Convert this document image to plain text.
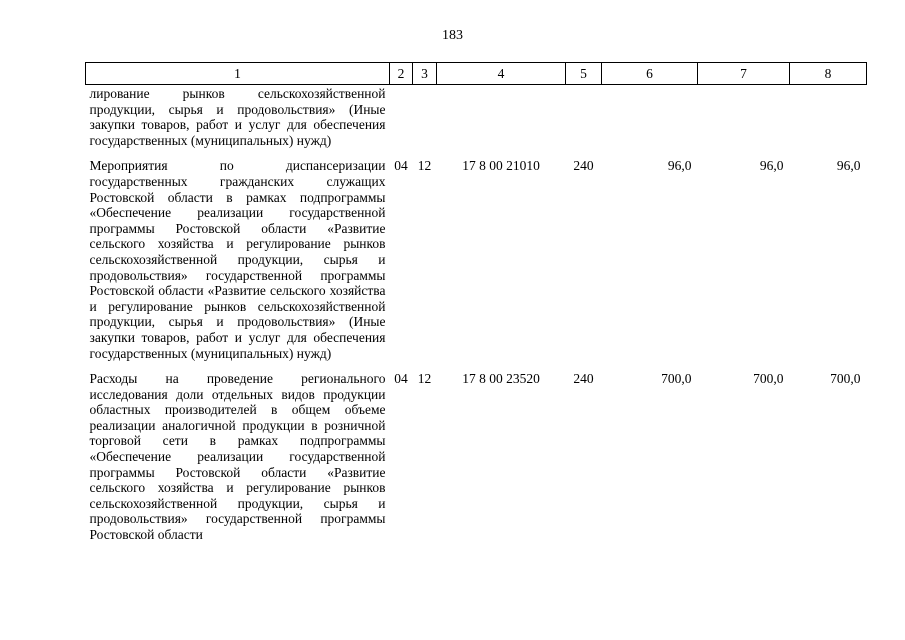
183
1	2	3	4	5	6	7	8
лирование рынков сельскохозяйственной продукции, сырья и продовольствия» (Иные закупки товаров, работ и услуг для обеспечения государственных (муниципальных) нужд)							
Мероприятия по диспансеризации государственных гражданских служащих Ростовской области в рамках подпрограммы «Обеспечение реализации государственной программы Ростовской области «Развитие сельского хозяйства и регулирование рынков сельскохозяйственной продукции, сырья и продовольствия» государственной программы Ростовской области «Развитие сельского хозяйства и регулирование рынков сельскохозяйственной продукции, сырья и продовольствия» (Иные закупки товаров, работ и услуг для обеспечения государственных (муниципальных) нужд)	04	12	17 8 00 21010	240	96,0	96,0	96,0
Расходы на проведение регионального исследования доли отдельных видов продукции областных производителей в общем объеме реализации аналогичной продукции в розничной торговой сети в рамках подпрограммы «Обеспечение реализации государственной программы Ростовской области «Развитие сельского хозяйства и регулирование рынков сельскохозяйственной продукции, сырья и продовольствия» государственной программы Ростовской области	04	12	17 8 00 23520	240	700,0	700,0	700,0
